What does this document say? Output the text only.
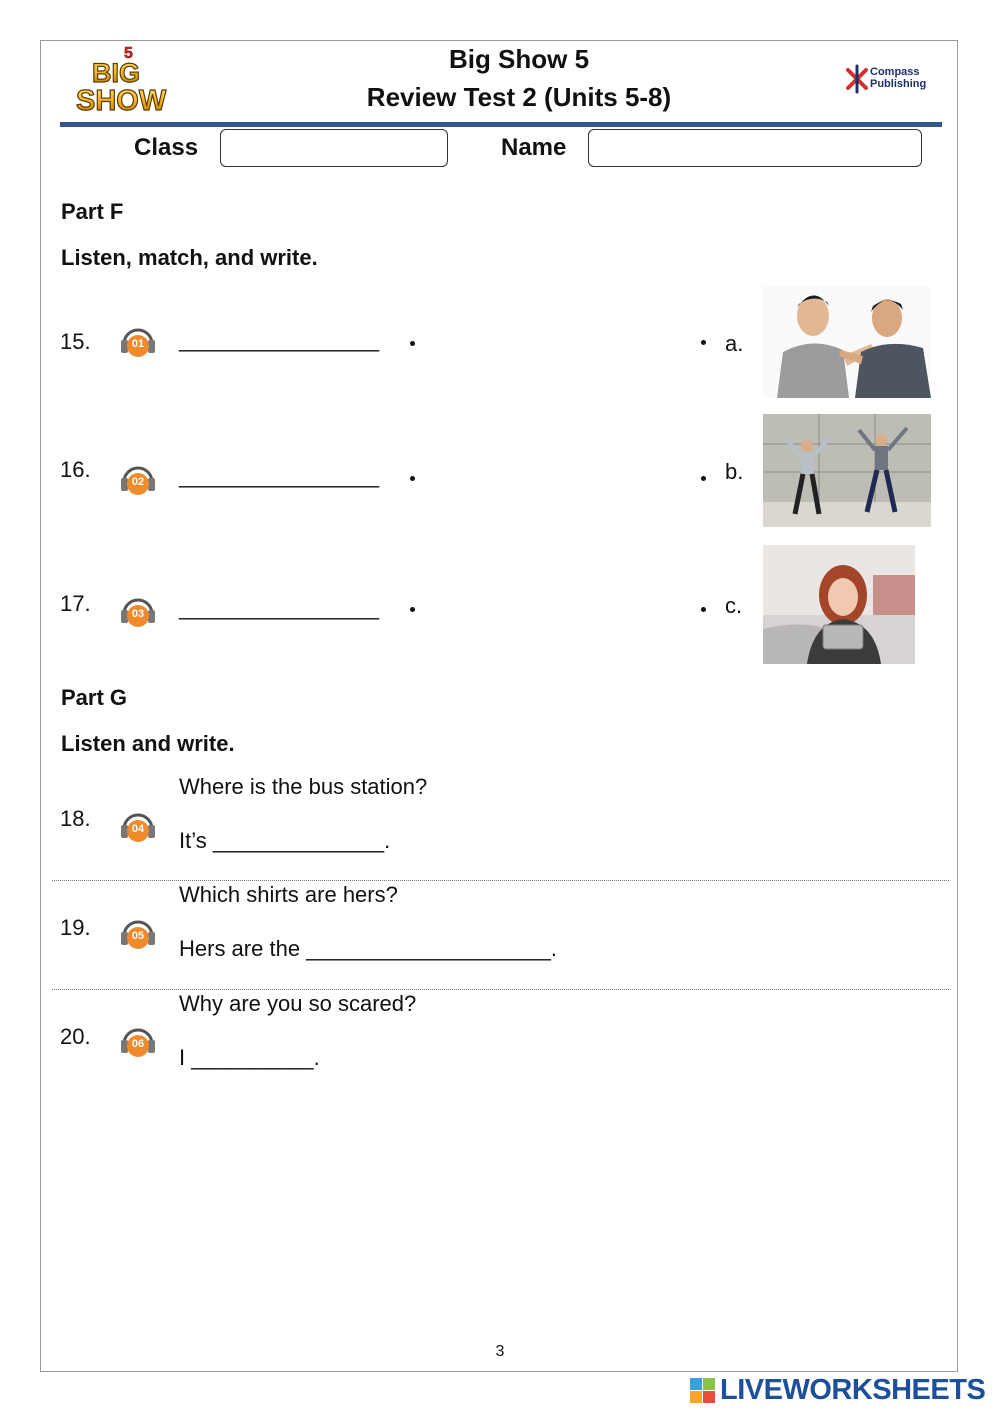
5
BIG
SHOW
Big Show 5
Review Test 2 (Units 5-8)
Compass
Publishing
Class	Name
Part F
Listen, match, and write.
15.	01	_________________	a.
16.	02	_________________	b.
17.	03	_________________	c.
Part G
Listen and write.
18.	04
Where is the bus station?
It’s ______________.
19.	05
Which shirts are hers?
Hers are the ____________________.
20.	06
Why are you so scared?
I __________.
3
LIVEWORKSHEETS
